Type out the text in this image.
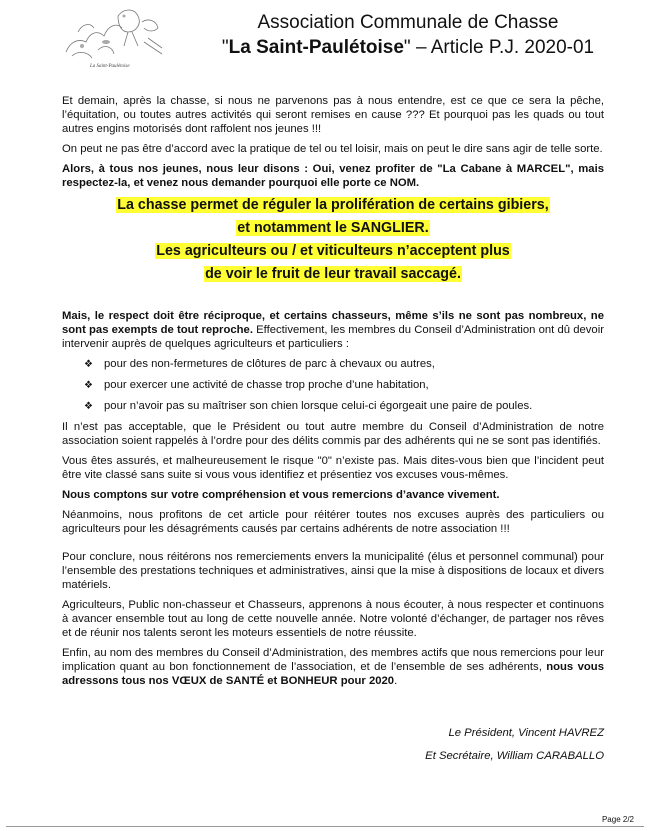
La Saint-Paulétoise
Association Communale de Chasse
"La Saint-Paulétoise" – Article P.J. 2020-01

Et demain, après la chasse, si nous ne parvenons pas à nous entendre, est ce que ce sera la pêche, l’équitation, ou toutes autres activités qui seront remises en cause ??? Et pourquoi pas les quads ou tout autres engins motorisés dont raffolent nos jeunes !!!

On peut ne pas être d’accord avec la pratique de tel ou tel loisir, mais on peut le dire sans agir de telle sorte.

Alors, à tous nos jeunes, nous leur disons : Oui, venez profiter de "La Cabane à MARCEL", mais respectez-la, et venez nous demander pourquoi elle porte ce NOM.

La chasse permet de réguler la prolifération de certains gibiers,
et notamment le SANGLIER.
Les agriculteurs ou / et viticulteurs n’acceptent plus
de voir le fruit de leur travail saccagé.

Mais, le respect doit être réciproque, et certains chasseurs, même s’ils ne sont pas nombreux, ne sont pas exempts de tout reproche. Effectivement, les membres du Conseil d’Administration ont dû devoir intervenir auprès de quelques agriculteurs et particuliers :

❖ pour des non-fermetures de clôtures de parc à chevaux ou autres,
❖ pour exercer une activité de chasse trop proche d’une habitation,
❖ pour n’avoir pas su maîtriser son chien lorsque celui-ci égorgeait une paire de poules.

Il n’est pas acceptable, que le Président ou tout autre membre du Conseil d’Administration de notre association soient rappelés à l’ordre pour des délits commis par des adhérents qui ne se sont pas identifiés.

Vous êtes assurés, et malheureusement le risque "0" n’existe pas. Mais dites-vous bien que l’incident peut être vite classé sans suite si vous vous identifiez et présentiez vos excuses vous-mêmes.

Nous comptons sur votre compréhension et vous remercions d’avance vivement.

Néanmoins, nous profitons de cet article pour réitérer toutes nos excuses auprès des particuliers ou agriculteurs pour les désagréments causés par certains adhérents de notre association !!!

Pour conclure, nous réitérons nos remerciements envers la municipalité (élus et personnel communal) pour l’ensemble des prestations techniques et administratives, ainsi que la mise à dispositions de locaux et divers matériels.

Agriculteurs, Public non-chasseur et Chasseurs, apprenons à nous écouter, à nous respecter et continuons à avancer ensemble tout au long de cette nouvelle année. Notre volonté d’échanger, de partager nos rêves et de réunir nos talents seront les moteurs essentiels de notre réussite.

Enfin, au nom des membres du Conseil d’Administration, des membres actifs que nous remercions pour leur implication quant au bon fonctionnement de l’association, et de l’ensemble de ses adhérents, nous vous adressons tous nos VŒUX de SANTÉ et BONHEUR pour 2020.

Le Président, Vincent HAVREZ
Et Secrétaire, William CARABALLO
Page 2/2
